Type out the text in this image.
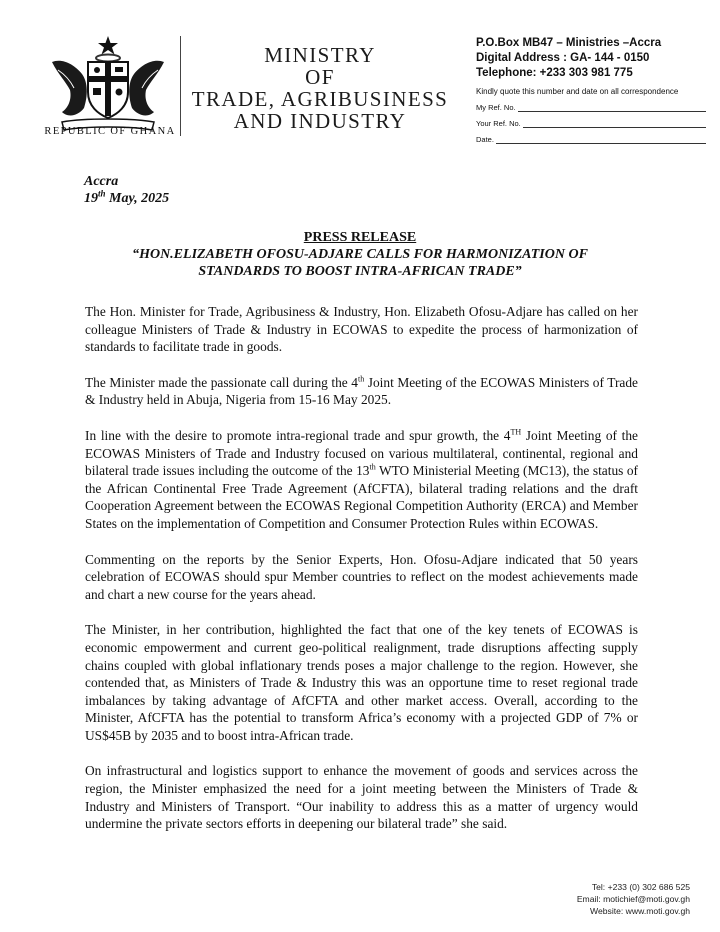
REPUBLIC OF GHANA
MINISTRY
OF
TRADE, AGRIBUSINESS
AND INDUSTRY
P.O.Box MB47 – Ministries –Accra
Digital Address : GA- 144 - 0150
Telephone: +233 303 981 775
Kindly quote this number and date on all correspondence
My Ref. No.
Your Ref. No.
Date.
Accra
19th May, 2025
PRESS RELEASE
“HON.ELIZABETH OFOSU-ADJARE CALLS FOR HARMONIZATION OF
STANDARDS TO BOOST INTRA-AFRICAN TRADE”

The Hon. Minister for Trade, Agribusiness & Industry, Hon. Elizabeth Ofosu-Adjare has called on her colleague Ministers of Trade & Industry in ECOWAS to expedite the process of harmonization of standards to facilitate trade in goods.

The Minister made the passionate call during the 4th Joint Meeting of the ECOWAS Ministers of Trade & Industry held in Abuja, Nigeria from 15-16 May 2025.

In line with the desire to promote intra-regional trade and spur growth, the 4TH Joint Meeting of the ECOWAS Ministers of Trade and Industry focused on various multilateral, continental, regional and bilateral trade issues including the outcome of the 13th WTO Ministerial Meeting (MC13), the status of the African Continental Free Trade Agreement (AfCFTA), bilateral trading relations and the draft Cooperation Agreement between the ECOWAS Regional Competition Authority (ERCA) and Member States on the implementation of Competition and Consumer Protection Rules within ECOWAS.

Commenting on the reports by the Senior Experts, Hon. Ofosu-Adjare indicated that 50 years celebration of ECOWAS should spur Member countries to reflect on the modest achievements made and chart a new course for the years ahead.

The Minister, in her contribution, highlighted the fact that one of the key tenets of ECOWAS is economic empowerment and current geo-political realignment, trade disruptions affecting supply chains coupled with global inflationary trends poses a major challenge to the region. However, she contended that, as Ministers of Trade & Industry this was an opportune time to reset regional trade imbalances by taking advantage of AfCFTA and other market access. Overall, according to the Minister, AfCFTA has the potential to transform Africa’s economy with a projected GDP of 7% or US$45B by 2035 and to boost intra-African trade.

On infrastructural and logistics support to enhance the movement of goods and services across the region, the Minister emphasized the need for a joint meeting between the Ministers of Trade & Industry and Ministers of Transport. “Our inability to address this as a matter of urgency would undermine the private sectors efforts in deepening our bilateral trade” she said.

Tel: +233 (0) 302 686 525
Email: motichief@moti.gov.gh
Website: www.moti.gov.gh
